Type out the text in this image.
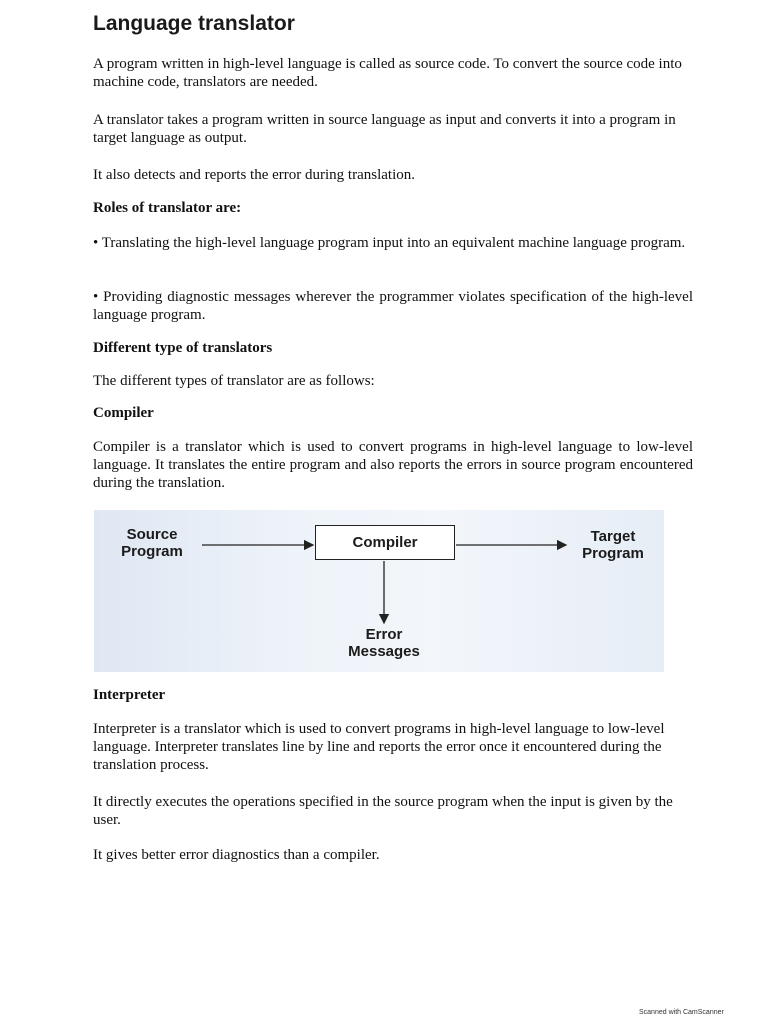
Language translator

A program written in high-level language is called as source code. To convert the source code into machine code, translators are needed.

A translator takes a program written in source language as input and converts it into a program in target language as output.

It also detects and reports the error during translation.

Roles of translator are:

• Translating the high-level language program input into an equivalent machine language program.

• Providing diagnostic messages wherever the programmer violates specification of the high-level language program.

Different type of translators

The different types of translator are as follows:

Compiler

Compiler is a translator which is used to convert programs in high-level language to low-level language. It translates the entire program and also reports the errors in source program encountered during the translation.

Source
Program
Compiler	Target
Program
Error
Messages

Interpreter

Interpreter is a translator which is used to convert programs in high-level language to low-level language. Interpreter translates line by line and reports the error once it encountered during the translation process.

It directly executes the operations specified in the source program when the input is given by the user.

It gives better error diagnostics than a compiler.

Scanned with CamScanner
